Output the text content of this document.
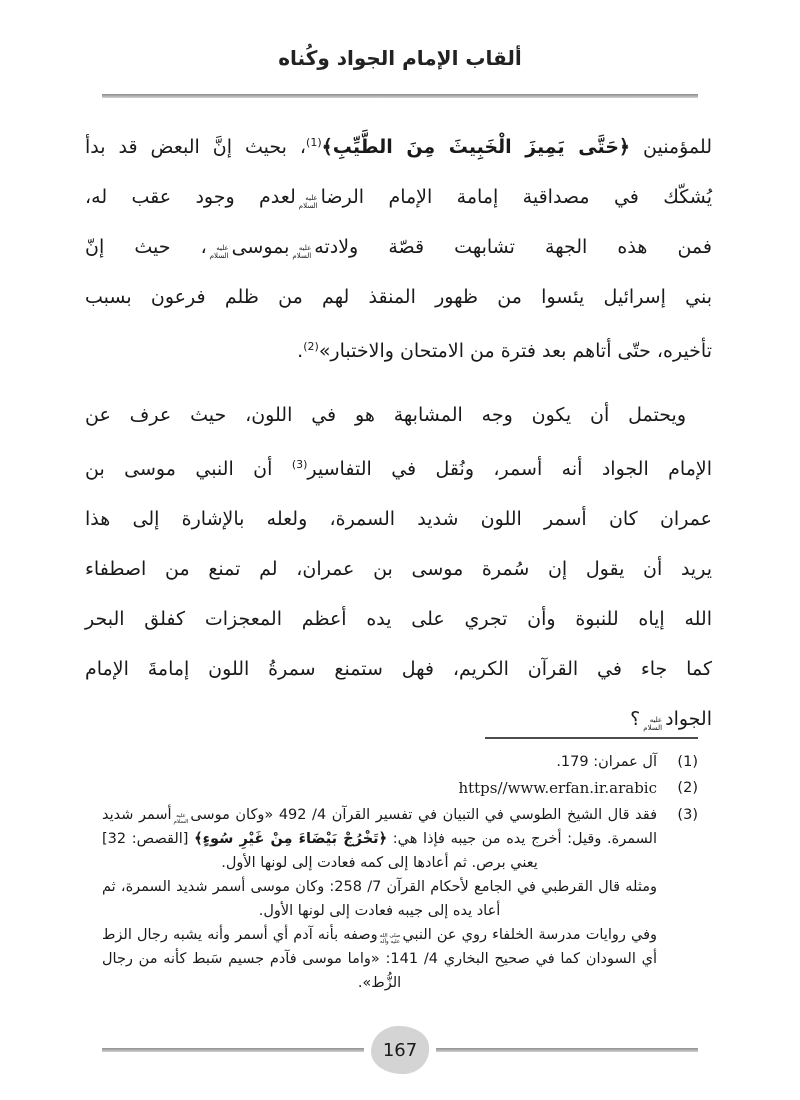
ألقاب الإمام الجواد وكُناه
للمؤمنين ﴿حَتَّى يَمِيزَ الْخَبِيثَ مِنَ الطَّيِّبِ﴾$^{(1)}$، بحيث إنَّ البعض قد بدأ
يُشكّك في مصداقية إمامة الإمام الرضا
عليه
السلام
لعدم وجود عقب له،
فمن هذه الجهة تشابهت قصّة ولادته
عليه
السلام
بموسى
عليه
السلام
، حيث إنّ
بني إسرائيل يئسوا من ظهور المنقذ لهم من ظلم فرعون بسبب
تأخيره، حتّى أتاهم بعد فترة من الامتحان والاختبار»$^{(2)}$.
ويحتمل أن يكون وجه المشابهة هو في اللون، حيث عرف عن
الإمام الجواد أنه أسمر، ونُقل في التفاسير$^{(3)}$ أن النبي موسى بن
عمران كان أسمر اللون شديد السمرة، ولعله بالإشارة إلى هذا
يريد أن يقول إن سُمرة موسى بن عمران، لم تمنع من اصطفاء
الله إياه للنبوة وأن تجري على يده أعظم المعجزات كفلق البحر
كما جاء في القرآن الكريم، فهل ستمنع سمرةُ اللون إمامةَ الإمام
الجواد
عليه
السلام
؟
(1)
آل عمران: 179.
(2)
https//www.erfan.ir.arabic
(3)
فقد قال الشيخ الطوسي في التبيان في تفسير القرآن 4/ 492 «وكان موسى
عليه
السلام
أسمر شديد السمرة. وقيل: أخرج يده من جيبه فإذا هي: ﴿تَخْرُجْ بَيْضَاءَ مِنْ غَيْرِ سُوءٍ﴾ [القصص: 32] يعني برص. ثم أعادها إلى كمه فعادت إلى لونها الأول.
ومثله قال القرطبي في الجامع لأحكام القرآن 7/ 258: وكان موسى أسمر شديد السمرة، ثم أعاد يده إلى جيبه فعادت إلى لونها الأول.
وفي روايات مدرسة الخلفاء روي عن النبي
صلى الله
عليه وآله
وصفه بأنه آدم أي أسمر وأنه يشبه رجال الزط أي السودان كما في صحيح البخاري 4/ 141: «واما موسى فآدم جسيم سَبط كأنه من رجال الزُّط».
167
